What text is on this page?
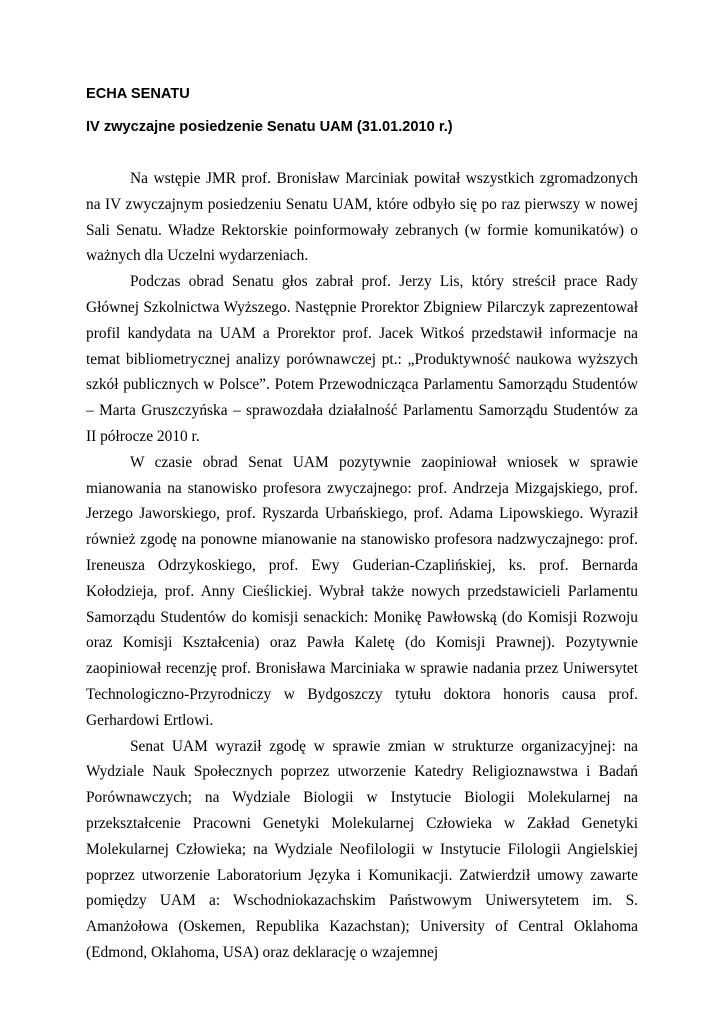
ECHA SENATU
IV zwyczajne posiedzenie Senatu UAM (31.01.2010 r.)

Na wstępie JMR prof. Bronisław Marciniak powitał wszystkich zgromadzonych na IV zwyczajnym posiedzeniu Senatu UAM, które odbyło się po raz pierwszy w nowej Sali Senatu. Władze Rektorskie poinformowały zebranych (w formie komunikatów) o ważnych dla Uczelni wydarzeniach.

Podczas obrad Senatu głos zabrał prof. Jerzy Lis, który streścił prace Rady Głównej Szkolnictwa Wyższego. Następnie Prorektor Zbigniew Pilarczyk zaprezentował profil kandydata na UAM a Prorektor prof. Jacek Witkoś przedstawił informacje na temat bibliometrycznej analizy porównawczej pt.: „Produktywność naukowa wyższych szkół publicznych w Polsce”. Potem Przewodnicząca Parlamentu Samorządu Studentów – Marta Gruszczyńska – sprawozdała działalność Parlamentu Samorządu Studentów za II półrocze 2010 r.

W czasie obrad Senat UAM pozytywnie zaopiniował wniosek w sprawie mianowania na stanowisko profesora zwyczajnego: prof. Andrzeja Mizgajskiego, prof. Jerzego Jaworskiego, prof. Ryszarda Urbańskiego, prof. Adama Lipowskiego. Wyraził również zgodę na ponowne mianowanie na stanowisko profesora nadzwyczajnego: prof. Ireneusza Odrzykoskiego, prof. Ewy Guderian-Czaplińskiej, ks. prof. Bernarda Kołodzieja, prof. Anny Cieślickiej. Wybrał także nowych przedstawicieli Parlamentu Samorządu Studentów do komisji senackich: Monikę Pawłowską (do Komisji Rozwoju oraz Komisji Kształcenia) oraz Pawła Kaletę (do Komisji Prawnej). Pozytywnie zaopiniował recenzję prof. Bronisława Marciniaka w sprawie nadania przez Uniwersytet Technologiczno-Przyrodniczy w Bydgoszczy tytułu doktora honoris causa prof. Gerhardowi Ertlowi.

Senat UAM wyraził zgodę w sprawie zmian w strukturze organizacyjnej: na Wydziale Nauk Społecznych poprzez utworzenie Katedry Religioznawstwa i Badań Porównawczych; na Wydziale Biologii w Instytucie Biologii Molekularnej na przekształcenie Pracowni Genetyki Molekularnej Człowieka w Zakład Genetyki Molekularnej Człowieka; na Wydziale Neofilologii w Instytucie Filologii Angielskiej poprzez utworzenie Laboratorium Języka i Komunikacji. Zatwierdził umowy zawarte pomiędzy UAM a: Wschodniokazachskim Państwowym Uniwersytetem im. S. Amanżołowa (Oskemen, Republika Kazachstan); University of Central Oklahoma (Edmond, Oklahoma, USA) oraz deklarację o wzajemnej
